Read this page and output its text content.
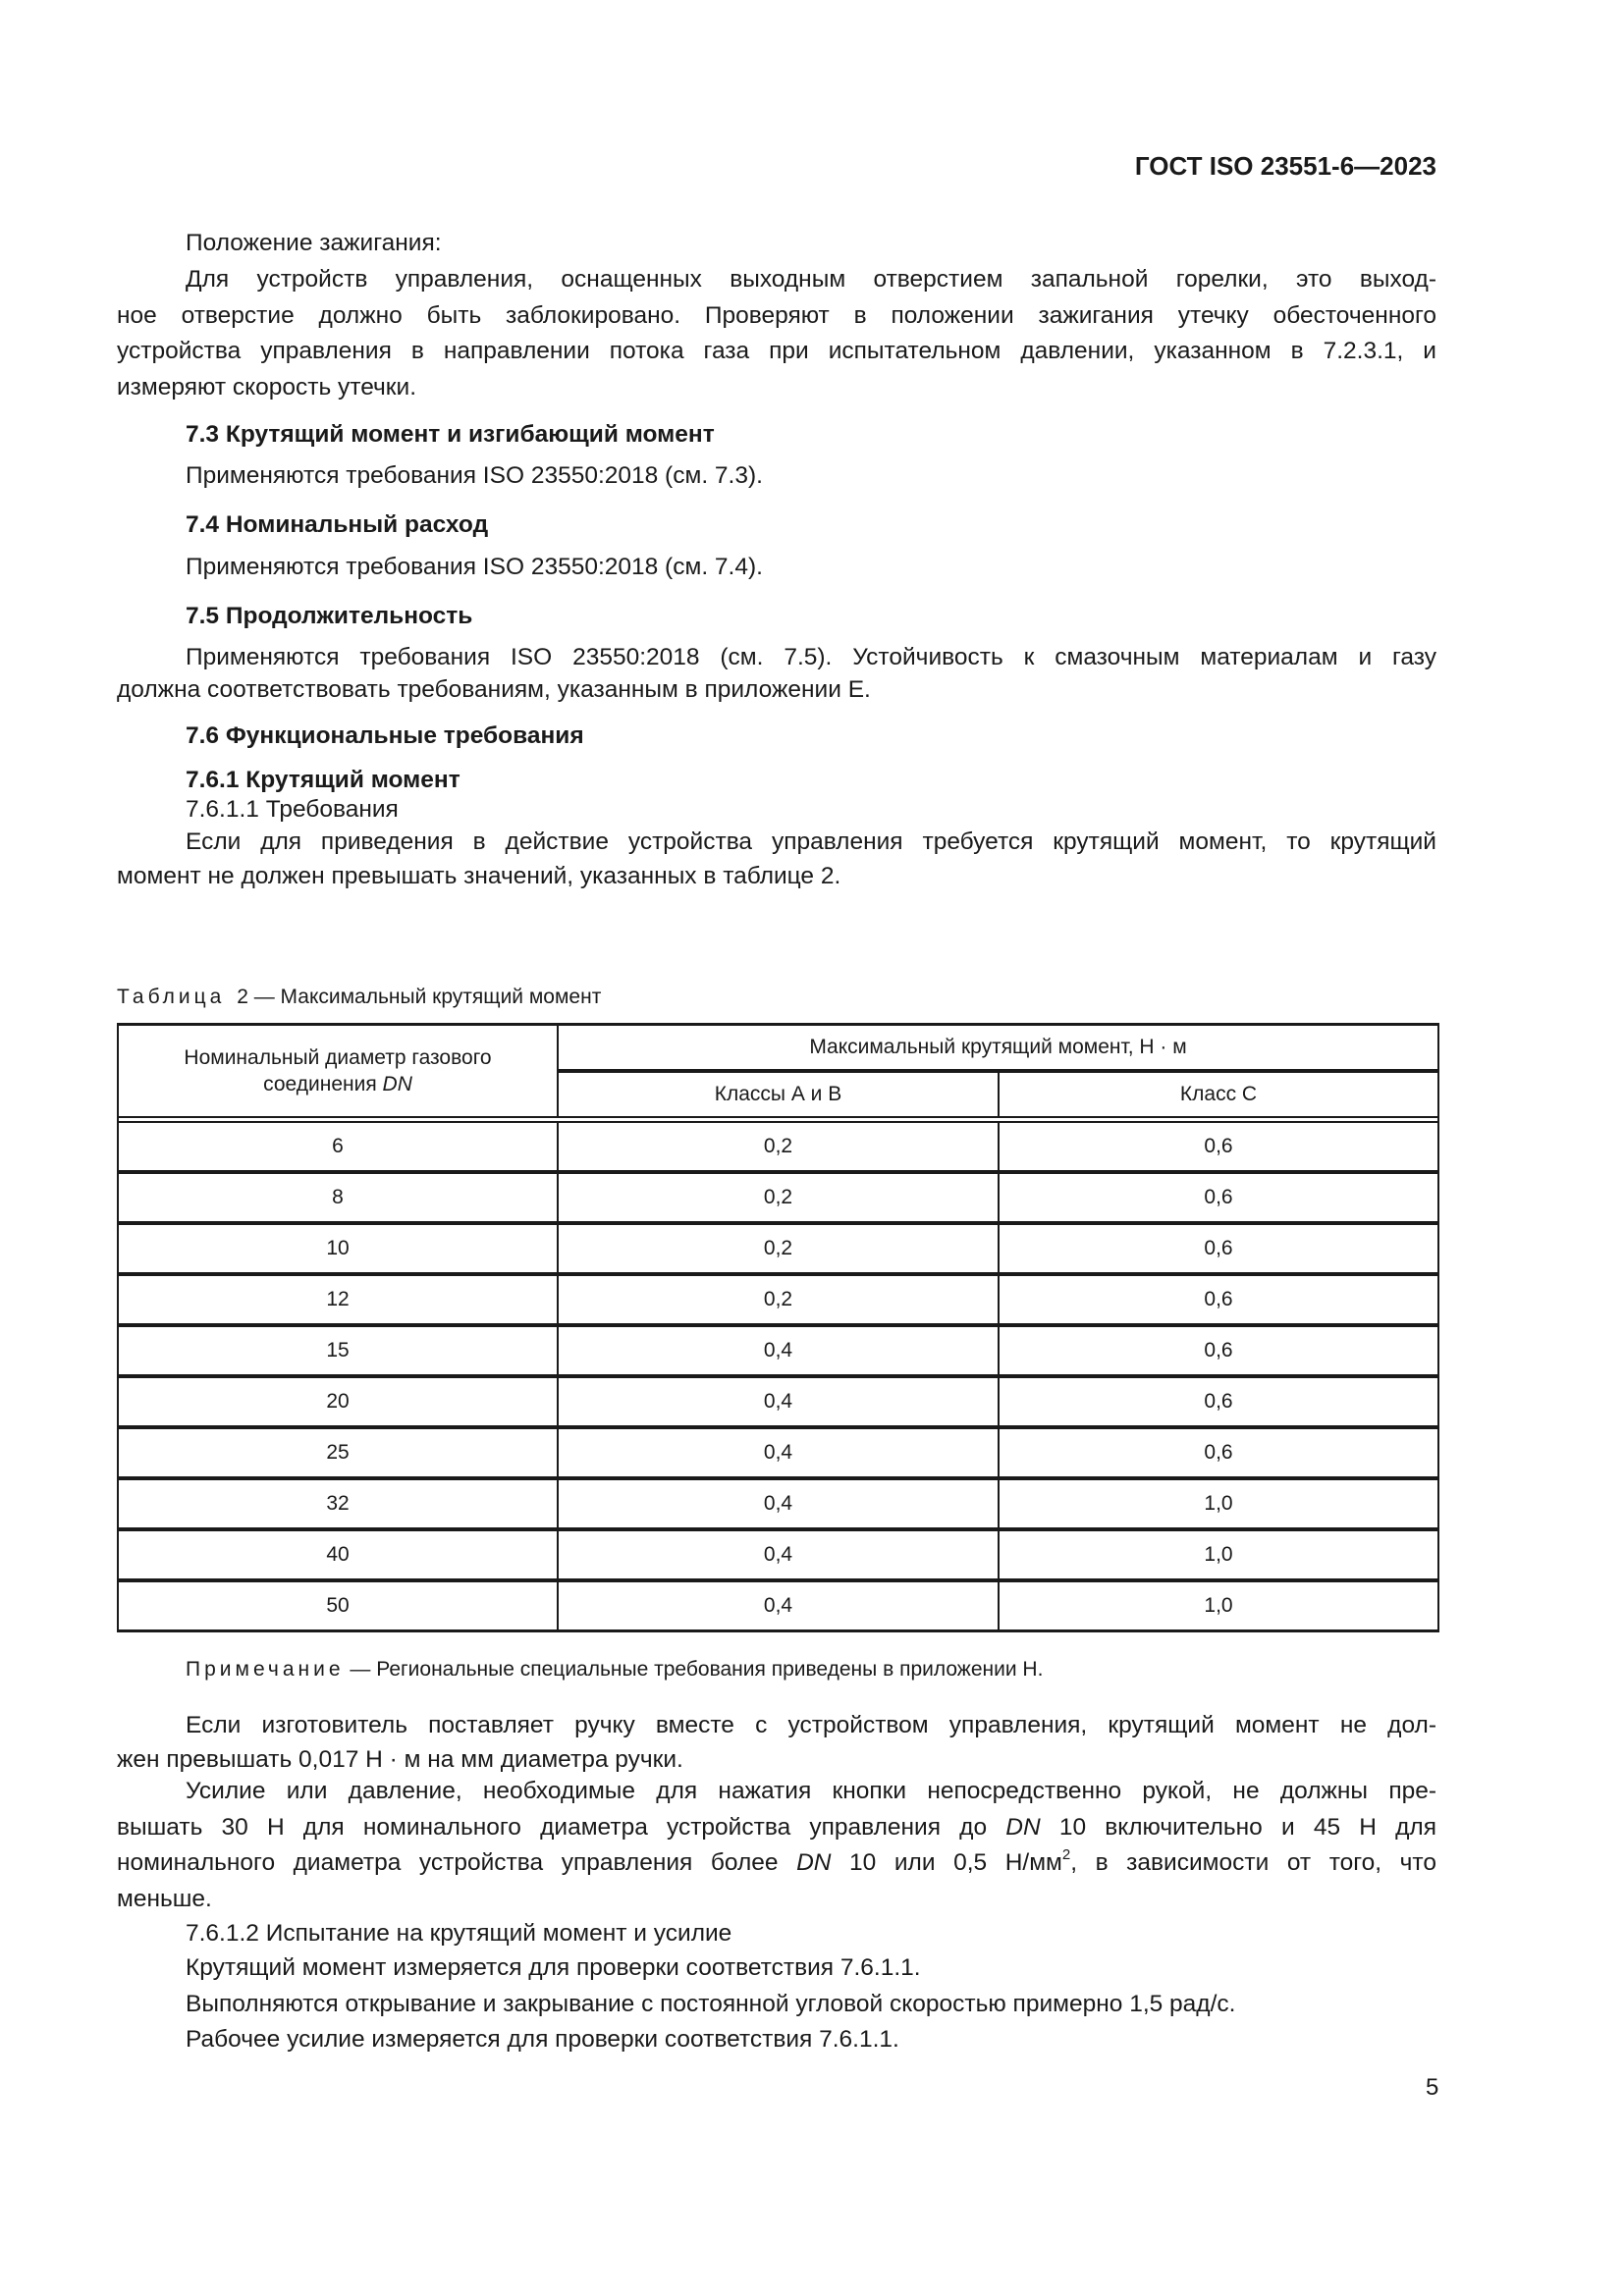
ГОСТ ISO 23551-6—2023
Положение зажигания:
Для устройств управления, оснащенных выходным отверстием запальной горелки, это выход-
ное отверстие должно быть заблокировано. Проверяют в положении зажигания утечку обесточенного
устройства управления в направлении потока газа при испытательном давлении, указанном в 7.2.3.1, и
измеряют скорость утечки.
7.3 Крутящий момент и изгибающий момент
Применяются требования ISO 23550:2018 (см. 7.3).
7.4 Номинальный расход
Применяются требования ISO 23550:2018 (см. 7.4).
7.5 Продолжительность
Применяются требования ISO 23550:2018 (см. 7.5). Устойчивость к смазочным материалам и газу
должна соответствовать требованиям, указанным в приложении Е.
7.6 Функциональные требования
7.6.1 Крутящий момент
7.6.1.1 Требования
Если для приведения в действие устройства управления требуется крутящий момент, то крутящий
момент не должен превышать значений, указанных в таблице 2.
Таблица 2 — Максимальный крутящий момент
Номинальный диаметр газового
соединения DN	Максимальный крутящий момент, Н · м	
	Классы А и В	Класс С

6	0,2	0,6
8	0,2	0,6
10	0,2	0,6
12	0,2	0,6
15	0,4	0,6
20	0,4	0,6
25	0,4	0,6
32	0,4	1,0
40	0,4	1,0
50	0,4	1,0
Примечание — Региональные специальные требования приведены в приложении Н.
Если изготовитель поставляет ручку вместе с устройством управления, крутящий момент не дол-
жен превышать 0,017 Н · м на мм диаметра ручки.
Усилие или давление, необходимые для нажатия кнопки непосредственно рукой, не должны пре-
вышать 30 Н для номинального диаметра устройства управления до DN 10 включительно и 45 Н для
номинального диаметра устройства управления более DN 10 или 0,5 $Н/мм^2$, в зависимости от того, что
меньше.
7.6.1.2 Испытание на крутящий момент и усилие
Крутящий момент измеряется для проверки соответствия 7.6.1.1.
Выполняются открывание и закрывание с постоянной угловой скоростью примерно 1,5 рад/с.
Рабочее усилие измеряется для проверки соответствия 7.6.1.1.
5
